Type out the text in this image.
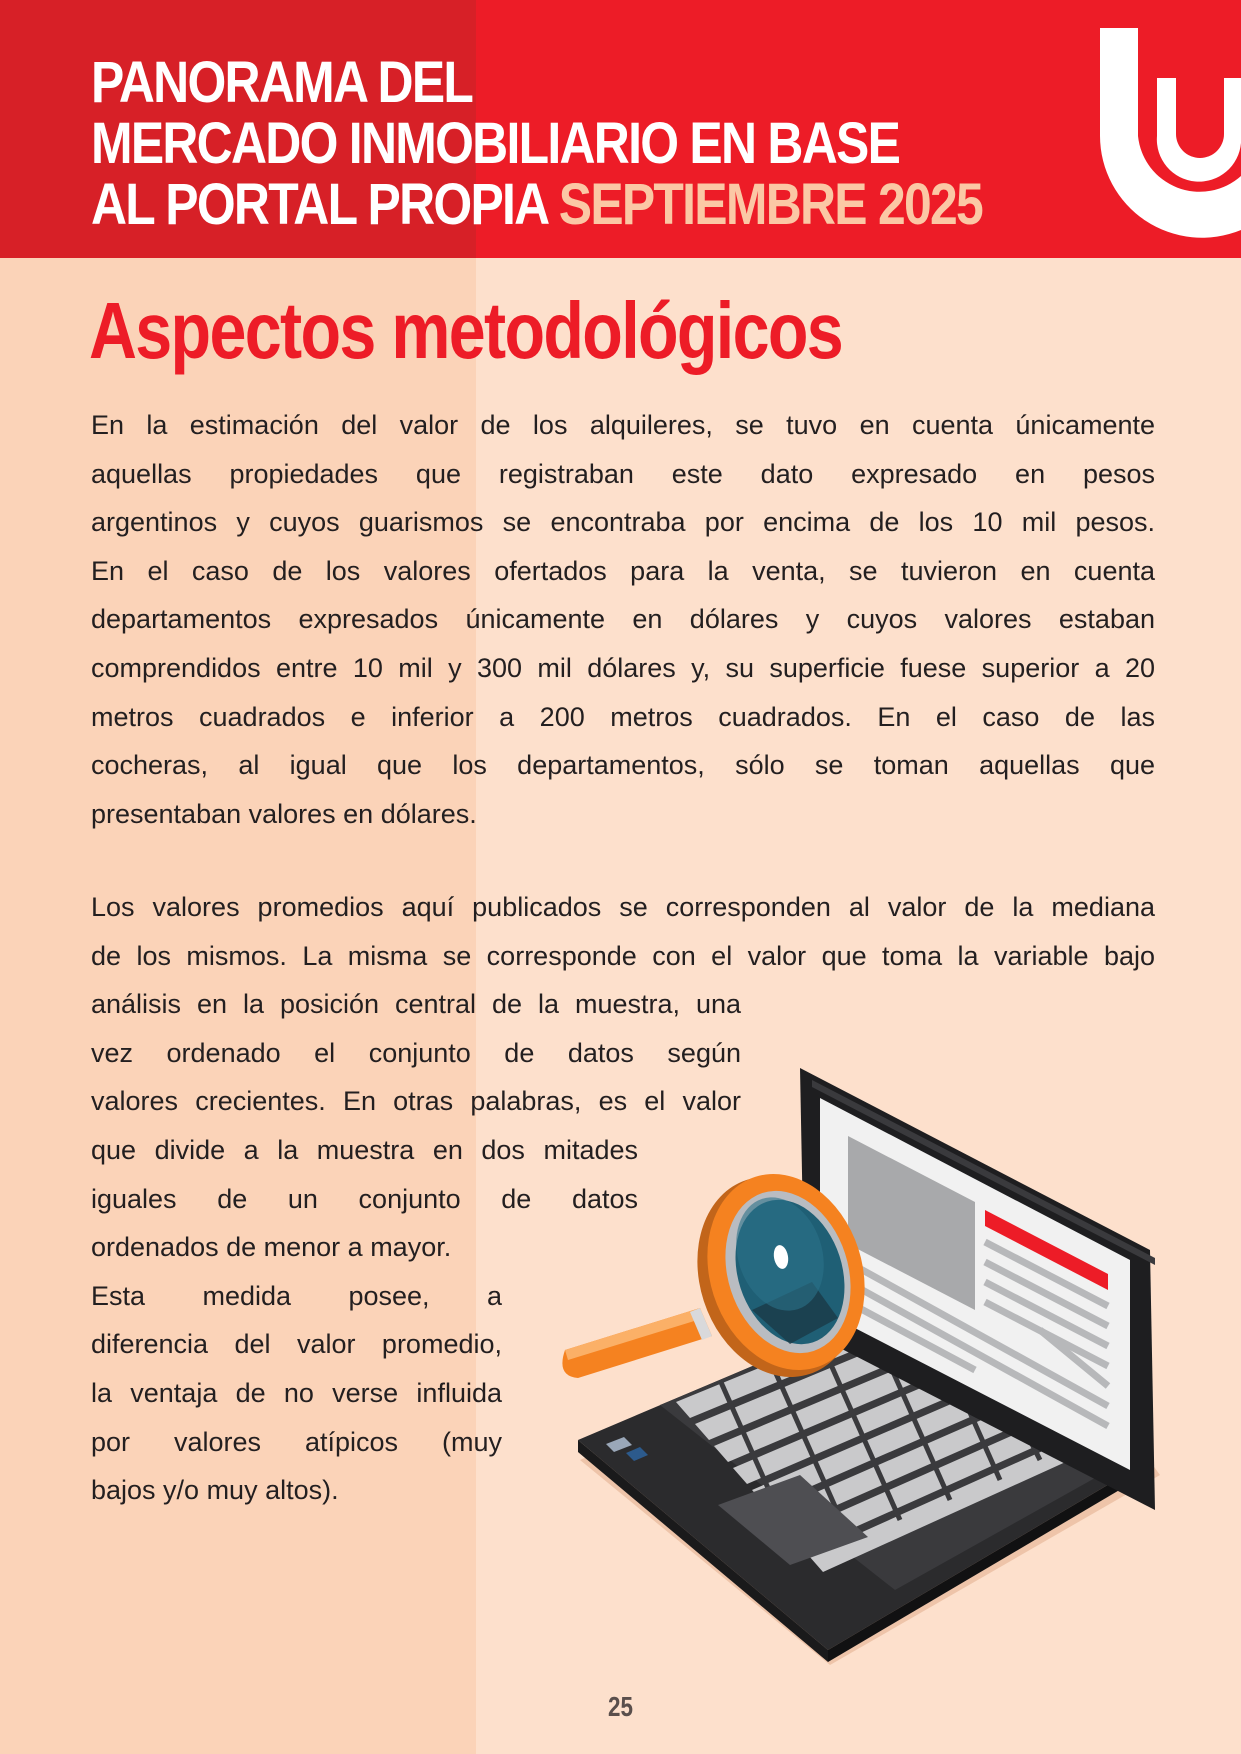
PANORAMA DEL
MERCADO INMOBILIARIO EN BASE
AL PORTAL PROPIA SEPTIEMBRE 2025
Aspectos metodológicos
En la estimación del valor de los alquileres, se tuvo en cuenta únicamente
aquellas propiedades que registraban este dato expresado en pesos
argentinos y cuyos guarismos se encontraba por encima de los 10 mil pesos.
En el caso de los valores ofertados para la venta, se tuvieron en cuenta
departamentos expresados únicamente en dólares y cuyos valores estaban
comprendidos entre 10 mil y 300 mil dólares y, su superficie fuese superior a 20
metros cuadrados e inferior a 200 metros cuadrados. En el caso de las
cocheras, al igual que los departamentos, sólo se toman aquellas que
presentaban valores en dólares.
Los valores promedios aquí publicados se corresponden al valor de la mediana
de los mismos. La misma se corresponde con el valor que toma la variable bajo
análisis en la posición central de la muestra, una
vez ordenado el conjunto de datos según
valores crecientes. En otras palabras, es el valor
que divide a la muestra en dos mitades
iguales de un conjunto de datos
ordenados de menor a mayor.
Esta medida posee, a
diferencia del valor promedio,
la ventaja de no verse influida
por valores atípicos (muy
bajos y/o muy altos).
25
